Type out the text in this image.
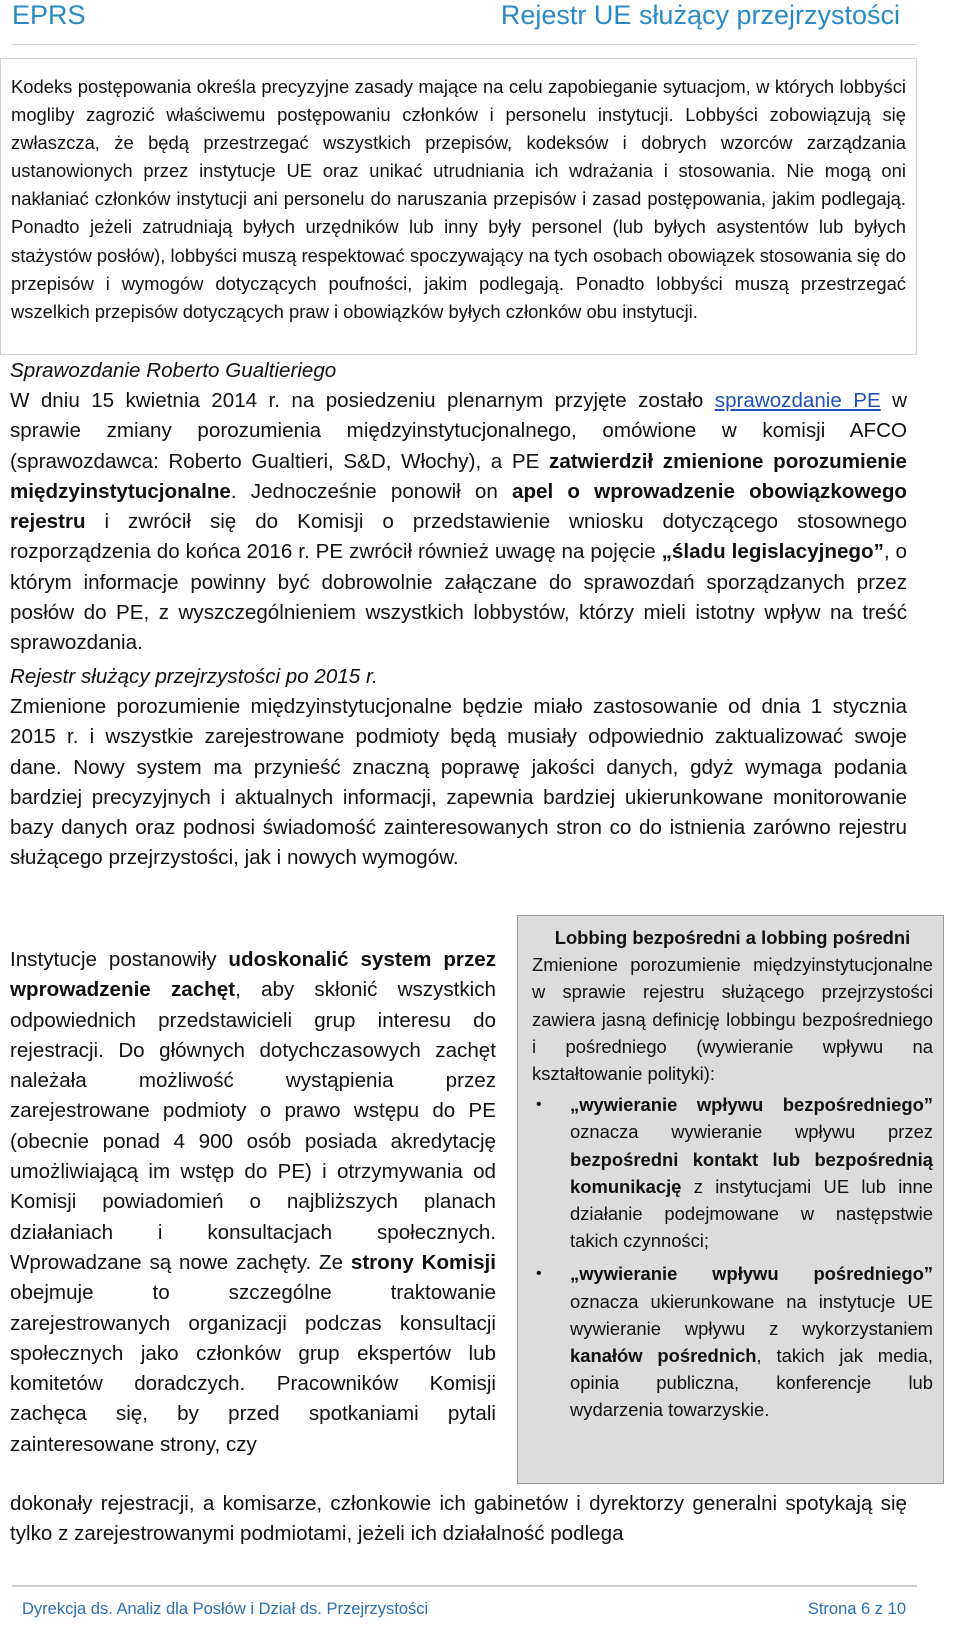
EPRS	Rejestr UE służący przejrzystości
Kodeks postępowania określa precyzyjne zasady mające na celu zapobieganie sytuacjom, w których lobbyści mogliby zagrozić właściwemu postępowaniu członków i personelu instytucji. Lobbyści zobowiązują się zwłaszcza, że będą przestrzegać wszystkich przepisów, kodeksów i dobrych wzorców zarządzania ustanowionych przez instytucje UE oraz unikać utrudniania ich wdrażania i stosowania. Nie mogą oni nakłaniać członków instytucji ani personelu do naruszania przepisów i zasad postępowania, jakim podlegają. Ponadto jeżeli zatrudniają byłych urzędników lub inny były personel (lub byłych asystentów lub byłych stażystów posłów), lobbyści muszą respektować spoczywający na tych osobach obowiązek stosowania się do przepisów i wymogów dotyczących poufności, jakim podlegają. Ponadto lobbyści muszą przestrzegać wszelkich przepisów dotyczących praw i obowiązków byłych członków obu instytucji.
Sprawozdanie Roberto Gualtieriego
W dniu 15 kwietnia 2014 r. na posiedzeniu plenarnym przyjęte zostało sprawozdanie PE w sprawie zmiany porozumienia międzyinstytucjonalnego, omówione w komisji AFCO (sprawozdawca: Roberto Gualtieri, S&D, Włochy), a PE zatwierdził zmienione porozumienie międzyinstytucjonalne. Jednocześnie ponowił on apel o wprowadzenie obowiązkowego rejestru i zwrócił się do Komisji o przedstawienie wniosku dotyczącego stosownego rozporządzenia do końca 2016 r. PE zwrócił również uwagę na pojęcie „śladu legislacyjnego”, o którym informacje powinny być dobrowolnie załączane do sprawozdań sporządzanych przez posłów do PE, z wyszczególnieniem wszystkich lobbystów, którzy mieli istotny wpływ na treść sprawozdania.
Rejestr służący przejrzystości po 2015 r.
Zmienione porozumienie międzyinstytucjonalne będzie miało zastosowanie od dnia 1 stycznia 2015 r. i wszystkie zarejestrowane podmioty będą musiały odpowiednio zaktualizować swoje dane. Nowy system ma przynieść znaczną poprawę jakości danych, gdyż wymaga podania bardziej precyzyjnych i aktualnych informacji, zapewnia bardziej ukierunkowane monitorowanie bazy danych oraz podnosi świadomość zainteresowanych stron co do istnienia zarówno rejestru służącego przejrzystości, jak i nowych wymogów.
Lobbing bezpośredni a lobbing pośredni
Zmienione porozumienie międzyinstytucjonalne w sprawie rejestru służącego przejrzystości zawiera jasną definicję lobbingu bezpośredniego i pośredniego (wywieranie wpływu na kształtowanie polityki):
• „wywieranie wpływu bezpośredniego” oznacza wywieranie wpływu przez bezpośredni kontakt lub bezpośrednią komunikację z instytucjami UE lub inne działanie podejmowane w następstwie takich czynności;
• „wywieranie wpływu pośredniego” oznacza ukierunkowane na instytucje UE wywieranie wpływu z wykorzystaniem kanałów pośrednich, takich jak media, opinia publiczna, konferencje lub wydarzenia towarzyskie.
Instytucje postanowiły udoskonalić system przez wprowadzenie zachęt, aby skłonić wszystkich odpowiednich przedstawicieli grup interesu do rejestracji. Do głównych dotychczasowych zachęt należała możliwość wystąpienia przez zarejestrowane podmioty o prawo wstępu do PE (obecnie ponad 4 900 osób posiada akredytację umożliwiającą im wstęp do PE) i otrzymywania od Komisji powiadomień o najbliższych planach działaniach i konsultacjach społecznych. Wprowadzane są nowe zachęty. Ze strony Komisji obejmuje to szczególne traktowanie zarejestrowanych organizacji podczas konsultacji społecznych jako członków grup ekspertów lub komitetów doradczych. Pracowników Komisji zachęca się, by przed spotkaniami pytali zainteresowane strony, czy
dokonały rejestracji, a komisarze, członkowie ich gabinetów i dyrektorzy generalni spotykają się tylko z zarejestrowanymi podmiotami, jeżeli ich działalność podlega
Dyrekcja ds. Analiz dla Posłów i Dział ds. Przejrzystości	Strona 6 z 10
